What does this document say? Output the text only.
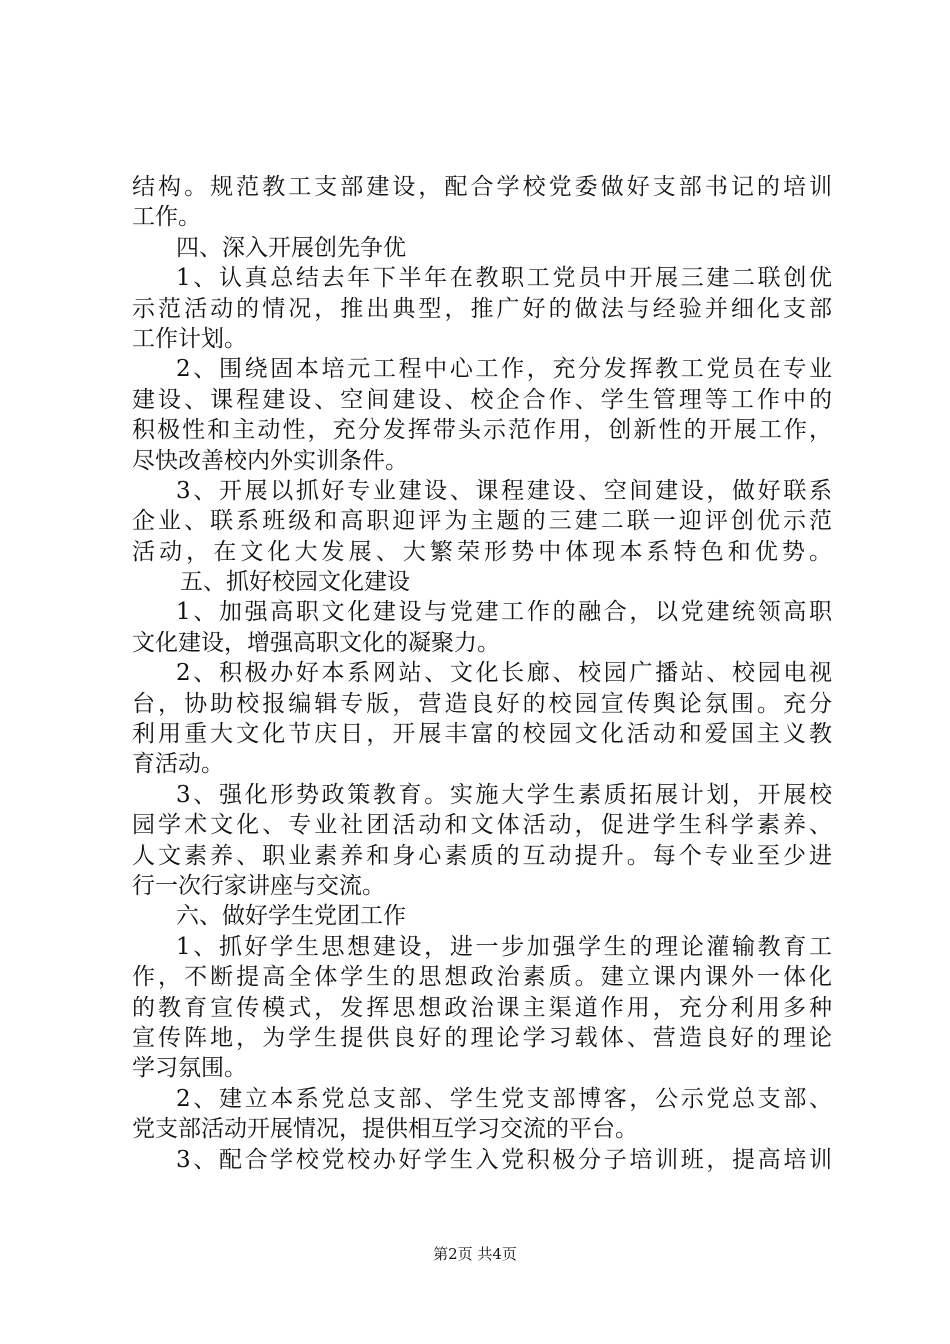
结构。规范教工支部建设，配合学校党委做好支部书记的培训
工作。
四、深入开展创先争优
1、认真总结去年下半年在教职工党员中开展三建二联创优
示范活动的情况，推出典型，推广好的做法与经验并细化支部
工作计划。
2、围绕固本培元工程中心工作，充分发挥教工党员在专业
建设、课程建设、空间建设、校企合作、学生管理等工作中的
积极性和主动性，充分发挥带头示范作用，创新性的开展工作，
尽快改善校内外实训条件。
3、开展以抓好专业建设、课程建设、空间建设，做好联系
企业、联系班级和高职迎评为主题的三建二联一迎评创优示范
活动，在文化大发展、大繁荣形势中体现本系特色和优势。
五、抓好校园文化建设
1、加强高职文化建设与党建工作的融合，以党建统领高职
文化建设，增强高职文化的凝聚力。
2、积极办好本系网站、文化长廊、校园广播站、校园电视
台，协助校报编辑专版，营造良好的校园宣传舆论氛围。充分
利用重大文化节庆日，开展丰富的校园文化活动和爱国主义教
育活动。
3、强化形势政策教育。实施大学生素质拓展计划，开展校
园学术文化、专业社团活动和文体活动，促进学生科学素养、
人文素养、职业素养和身心素质的互动提升。每个专业至少进
行一次行家讲座与交流。
六、做好学生党团工作
1、抓好学生思想建设，进一步加强学生的理论灌输教育工
作，不断提高全体学生的思想政治素质。建立课内课外一体化
的教育宣传模式，发挥思想政治课主渠道作用，充分利用多种
宣传阵地，为学生提供良好的理论学习载体、营造良好的理论
学习氛围。
2、建立本系党总支部、学生党支部博客，公示党总支部、
党支部活动开展情况，提供相互学习交流的平台。
3、配合学校党校办好学生入党积极分子培训班，提高培训
第2页 共4页
